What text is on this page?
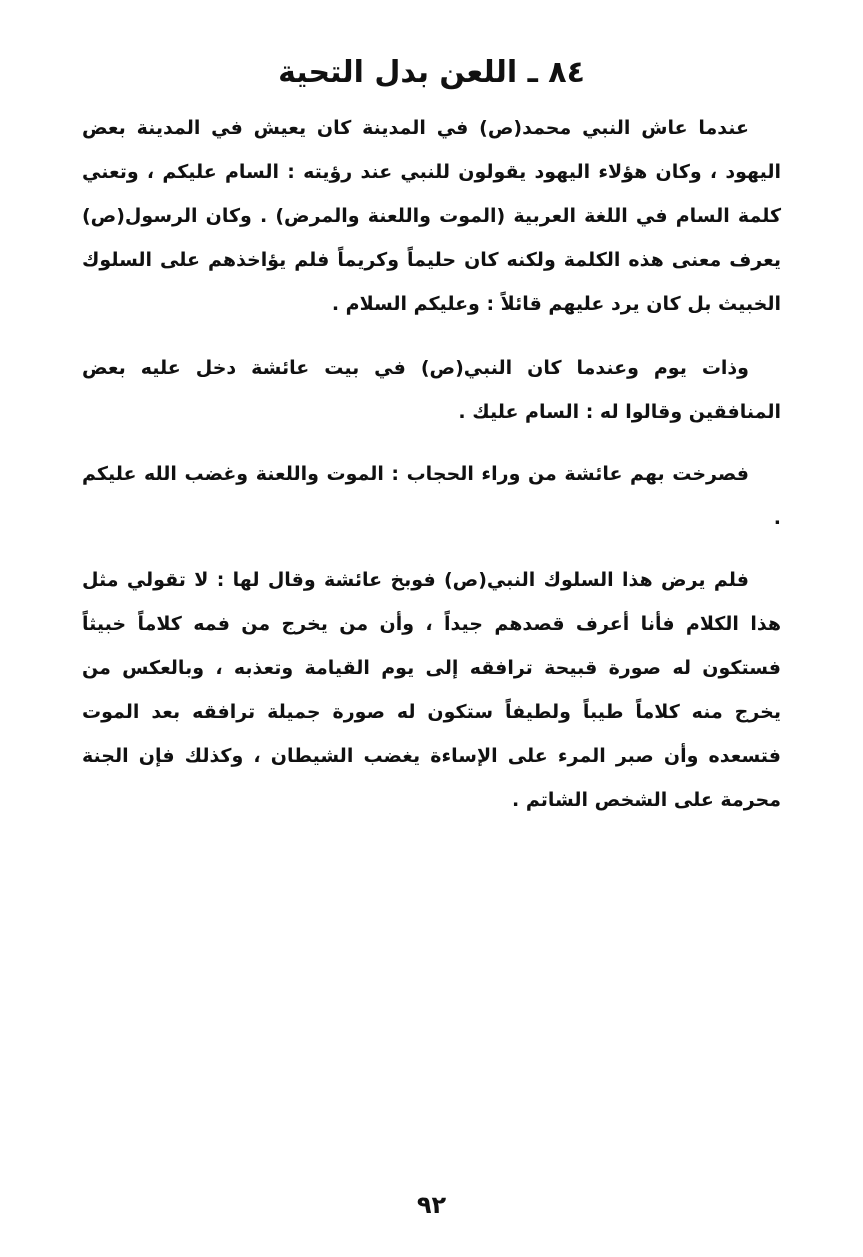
٨٤ ـ اللعن بدل التحية

عندما عاش النبي محمد(ص) في المدينة كان يعيش في المدينة بعض اليهود ، وكان هؤلاء اليهود يقولون للنبي عند رؤيته : السام عليكم ، وتعني كلمة السام في اللغة العربية (الموت واللعنة والمرض) . وكان الرسول(ص) يعرف معنى هذه الكلمة ولكنه كان حليماً وكريماً فلم يؤاخذهم على السلوك الخبيث بل كان يرد عليهم قائلاً : وعليكم السلام .

وذات يوم وعندما كان النبي(ص) في بيت عائشة دخل عليه بعض المنافقين وقالوا له : السام عليك .

فصرخت بهم عائشة من وراء الحجاب : الموت واللعنة وغضب الله عليكم .

فلم يرض هذا السلوك النبي(ص) فوبخ عائشة وقال لها : لا تقولي مثل هذا الكلام فأنا أعرف قصدهم جيداً ، وأن من يخرج من فمه كلاماً خبيثاً فستكون له صورة قبيحة ترافقه إلى يوم القيامة وتعذبه ، وبالعكس من يخرج منه كلاماً طيباً ولطيفاً ستكون له صورة جميلة ترافقه بعد الموت فتسعده وأن صبر المرء على الإساءة يغضب الشيطان ، وكذلك فإن الجنة محرمة على الشخص الشاتم .

٩٢
